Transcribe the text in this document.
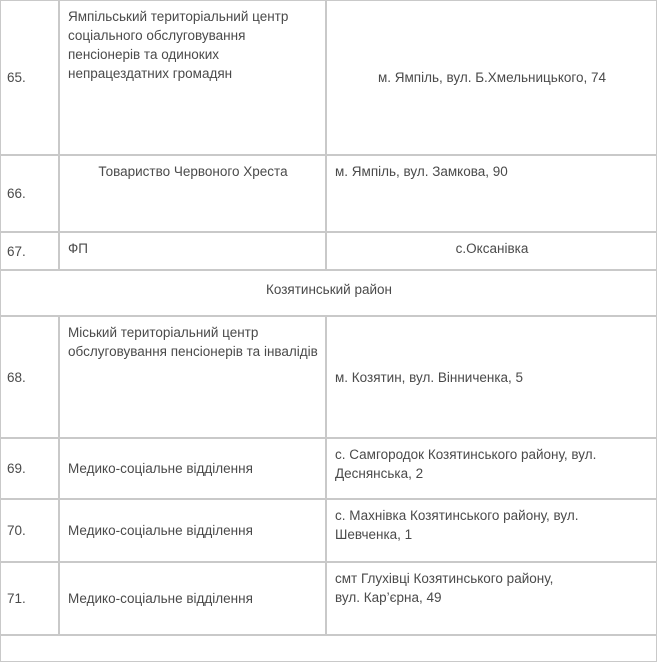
65.	Ямпільський територіальний центр соціального обслуговування пенсіонерів та одиноких непрацездатних громадян	м. Ямпіль, вул. Б.Хмельницького, 74
66.	Товариство Червоного Хреста	м. Ямпіль, вул. Замкова, 90
67.	ФП	с.Оксанівка
Козятинський район		
68.	Міський територіальний центр обслуговування пенсіонерів та інвалідів	м. Козятин, вул. Вінниченка, 5
69.	Медико-соціальне відділення	с. Самгородок Козятинського району, вул.
Деснянська, 2

70.	Медико-соціальне відділення	с. Махнівка Козятинського району, вул.
Шевченка, 1

71.	Медико-соціальне відділення	смт Глухівці Козятинського району,
вул. Кар’єрна, 49
